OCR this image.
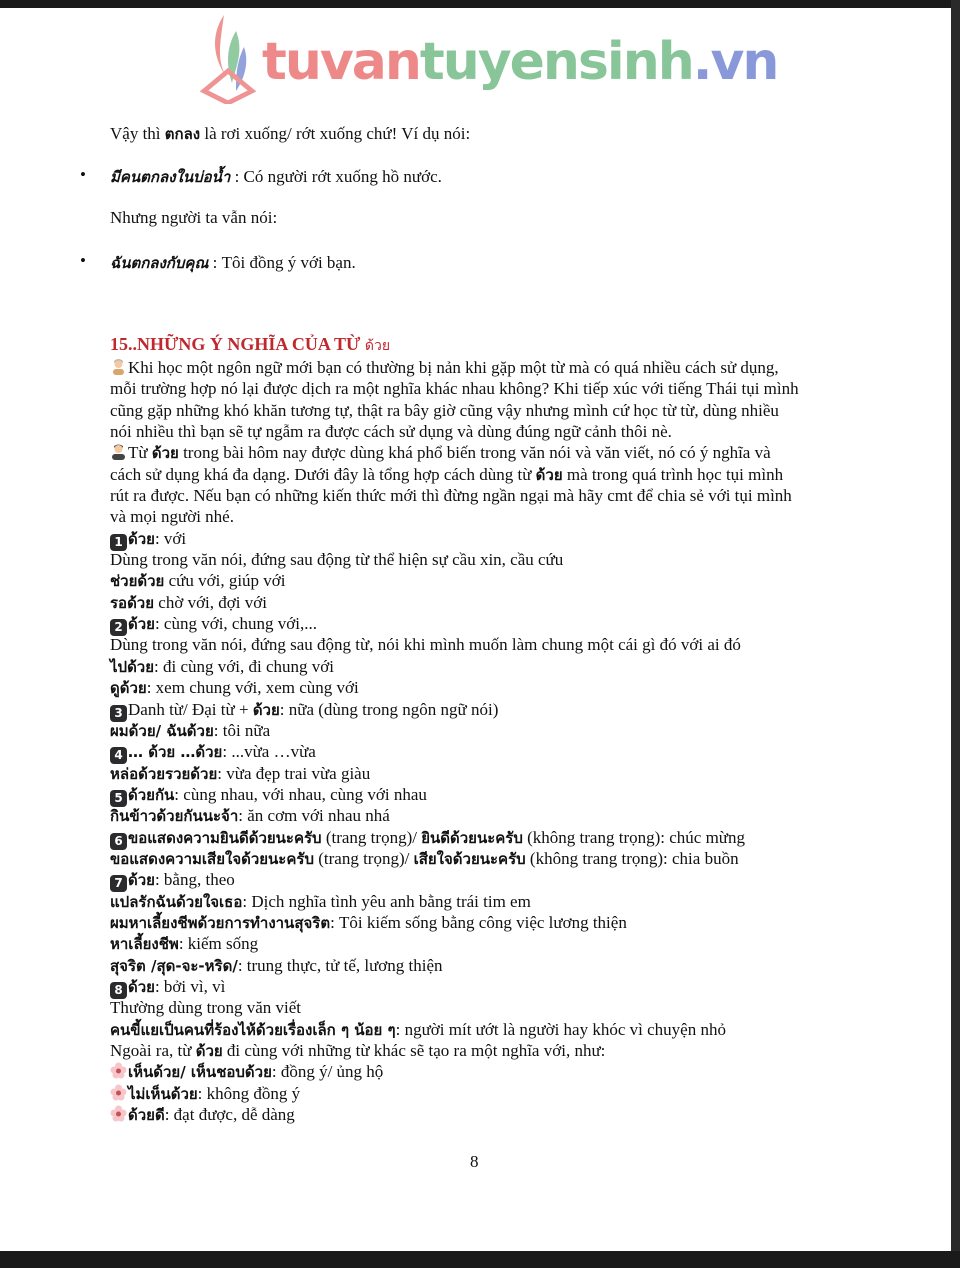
tuvantuyensinh.vn
Vậy thì ตกลง là rơi xuống/ rớt xuống chứ! Ví dụ nói:
• มีคนตกลงในบ่อน้ำ : Có người rớt xuống hồ nước.
Nhưng người ta vẫn nói:
• ฉันตกลงกับคุณ : Tôi đồng ý với bạn.
15..NHỮNG Ý NGHĨA CỦA TỪ ด้วย
Khi học một ngôn ngữ mới bạn có thường bị nản khi gặp một từ mà có quá nhiều cách sử dụng,
mỗi trường hợp nó lại được dịch ra một nghĩa khác nhau không? Khi tiếp xúc với tiếng Thái tụi mình
cũng gặp những khó khăn tương tự, thật ra bây giờ cũng vậy nhưng mình cứ học từ từ, dùng nhiều
nói nhiều thì bạn sẽ tự ngẫm ra được cách sử dụng và dùng đúng ngữ cảnh thôi nè.
Từ ด้วย trong bài hôm nay được dùng khá phổ biến trong văn nói và văn viết, nó có ý nghĩa và
cách sử dụng khá đa dạng. Dưới đây là tổng hợp cách dùng từ ด้วย mà trong quá trình học tụi mình
rút ra được. Nếu bạn có những kiến thức mới thì đừng ngần ngại mà hãy cmt để chia sẻ với tụi mình
và mọi người nhé.
1 ด้วย: với
Dùng trong văn nói, đứng sau động từ thể hiện sự cầu xin, cầu cứu
ช่วยด้วย cứu với, giúp với
รอด้วย chờ với, đợi với
2 ด้วย: cùng với, chung với,...
Dùng trong văn nói, đứng sau động từ, nói khi mình muốn làm chung một cái gì đó với ai đó
ไปด้วย: đi cùng với, đi chung với
ดูด้วย: xem chung với, xem cùng với
3 Danh từ/ Đại từ + ด้วย: nữa (dùng trong ngôn ngữ nói)
ผมด้วย/ ฉันด้วย: tôi nữa
4 … ด้วย …ด้วย: ...vừa …vừa
หล่อด้วยรวยด้วย: vừa đẹp trai vừa giàu
5 ด้วยกัน: cùng nhau, với nhau, cùng với nhau
กินข้าวด้วยกันนะจ้า: ăn cơm với nhau nhá
6 ขอแสดงความยินดีด้วยนะครับ (trang trọng)/ ยินดีด้วยนะครับ (không trang trọng): chúc mừng
ขอแสดงความเสียใจด้วยนะครับ (trang trọng)/ เสียใจด้วยนะครับ (không trang trọng): chia buồn
7 ด้วย: bằng, theo
แปลรักฉันด้วยใจเธอ: Dịch nghĩa tình yêu anh bằng trái tim em
ผมหาเลี้ยงชีพด้วยการทำงานสุจริต: Tôi kiếm sống bằng công việc lương thiện
หาเลี้ยงชีพ: kiếm sống
สุจริต /สุด-จะ-หริด/: trung thực, tử tế, lương thiện
8 ด้วย: bởi vì, vì
Thường dùng trong văn viết
คนขี้แยเป็นคนที่ร้องไห้ด้วยเรื่องเล็ก ๆ น้อย ๆ: người mít ướt là người hay khóc vì chuyện nhỏ
Ngoài ra, từ ด้วย đi cùng với những từ khác sẽ tạo ra một nghĩa với, như:
เห็นด้วย/ เห็นชอบด้วย: đồng ý/ ủng hộ
ไม่เห็นด้วย: không đồng ý
ด้วยดี: đạt được, dễ dàng
8
